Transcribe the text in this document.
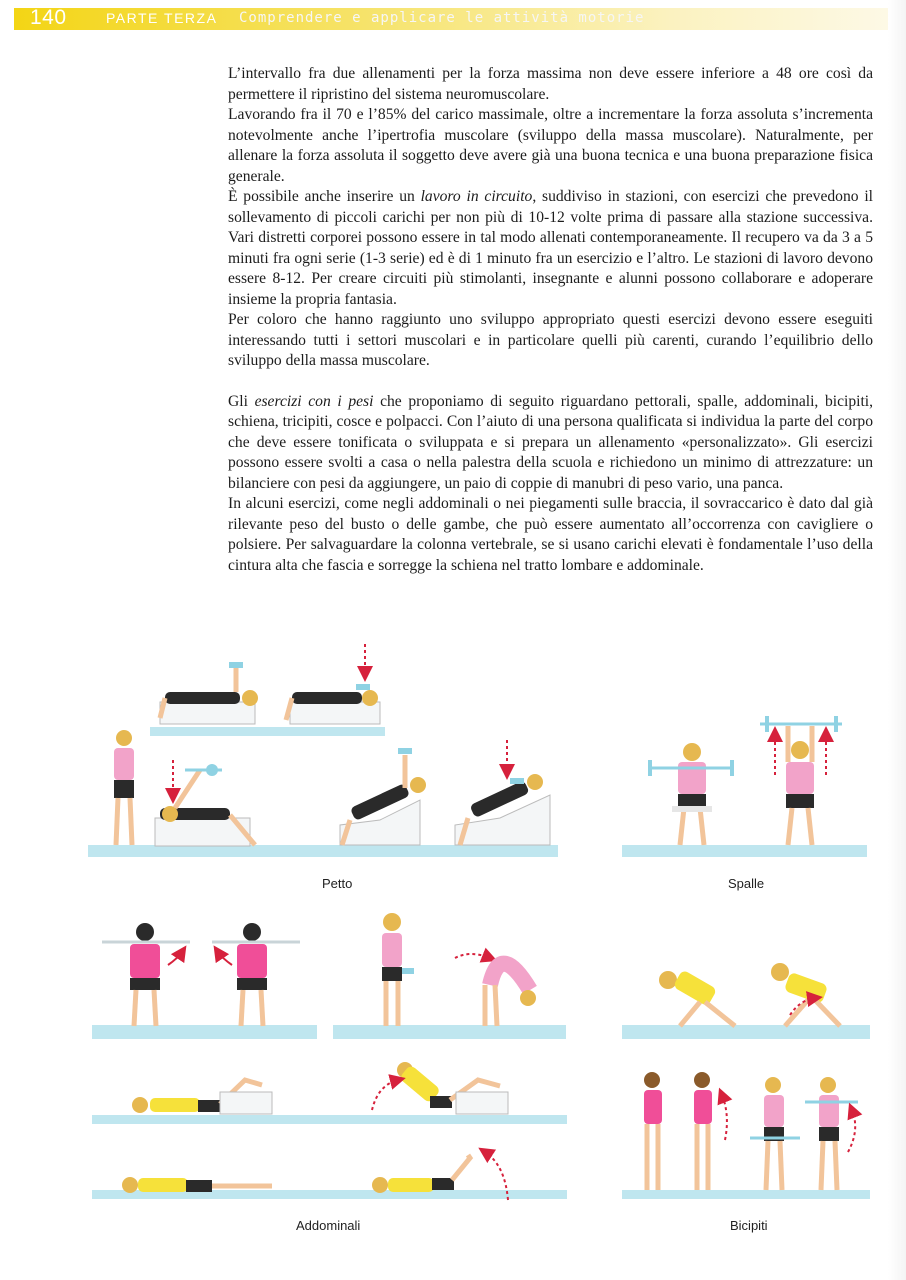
140	PARTE TERZA Comprendere e applicare le attività motorie

L’intervallo fra due allenamenti per la forza massima non deve essere inferiore a 48 ore così da permettere il ripristino del sistema neuromuscolare.

Lavorando fra il 70 e l’85% del carico massimale, oltre a incrementare la forza assoluta s’incrementa notevolmente anche l’ipertrofia muscolare (sviluppo della massa muscolare). Naturalmente, per allenare la forza assoluta il soggetto deve avere già una buona tecnica e una buona preparazione fisica generale.

È possibile anche inserire un lavoro in circuito, suddiviso in stazioni, con esercizi che prevedono il sollevamento di piccoli carichi per non più di 10-12 volte prima di passare alla stazione successiva. Vari distretti corporei possono essere in tal modo allenati contemporaneamente. Il recupero va da 3 a 5 minuti fra ogni serie (1-3 serie) ed è di 1 minuto fra un esercizio e l’altro. Le stazioni di lavoro devono essere 8-12. Per creare circuiti più stimolanti, insegnante e alunni possono collaborare e adoperare insieme la propria fantasia.

Per coloro che hanno raggiunto uno sviluppo appropriato questi esercizi devono essere eseguiti interessando tutti i settori muscolari e in particolare quelli più carenti, curando l’equilibrio dello sviluppo della massa muscolare.

Gli esercizi con i pesi che proponiamo di seguito riguardano pettorali, spalle, addominali, bicipiti, schiena, tricipiti, cosce e polpacci. Con l’aiuto di una persona qualificata si individua la parte del corpo che deve essere tonificata o sviluppata e si prepara un allenamento «personalizzato». Gli esercizi possono essere svolti a casa o nella palestra della scuola e richiedono un minimo di attrezzature: un bilanciere con pesi da aggiungere, un paio di coppie di manubri di peso vario, una panca.

In alcuni esercizi, come negli addominali o nei piegamenti sulle braccia, il sovraccarico è dato dal già rilevante peso del busto o delle gambe, che può essere aumentato all’occorrenza con cavigliere o polsiere. Per salvaguardare la colonna vertebrale, se si usano carichi elevati è fondamentale l’uso della cintura alta che fascia e sorregge la schiena nel tratto lombare e addominale.

Petto	Spalle
Addominali	Bicipiti
